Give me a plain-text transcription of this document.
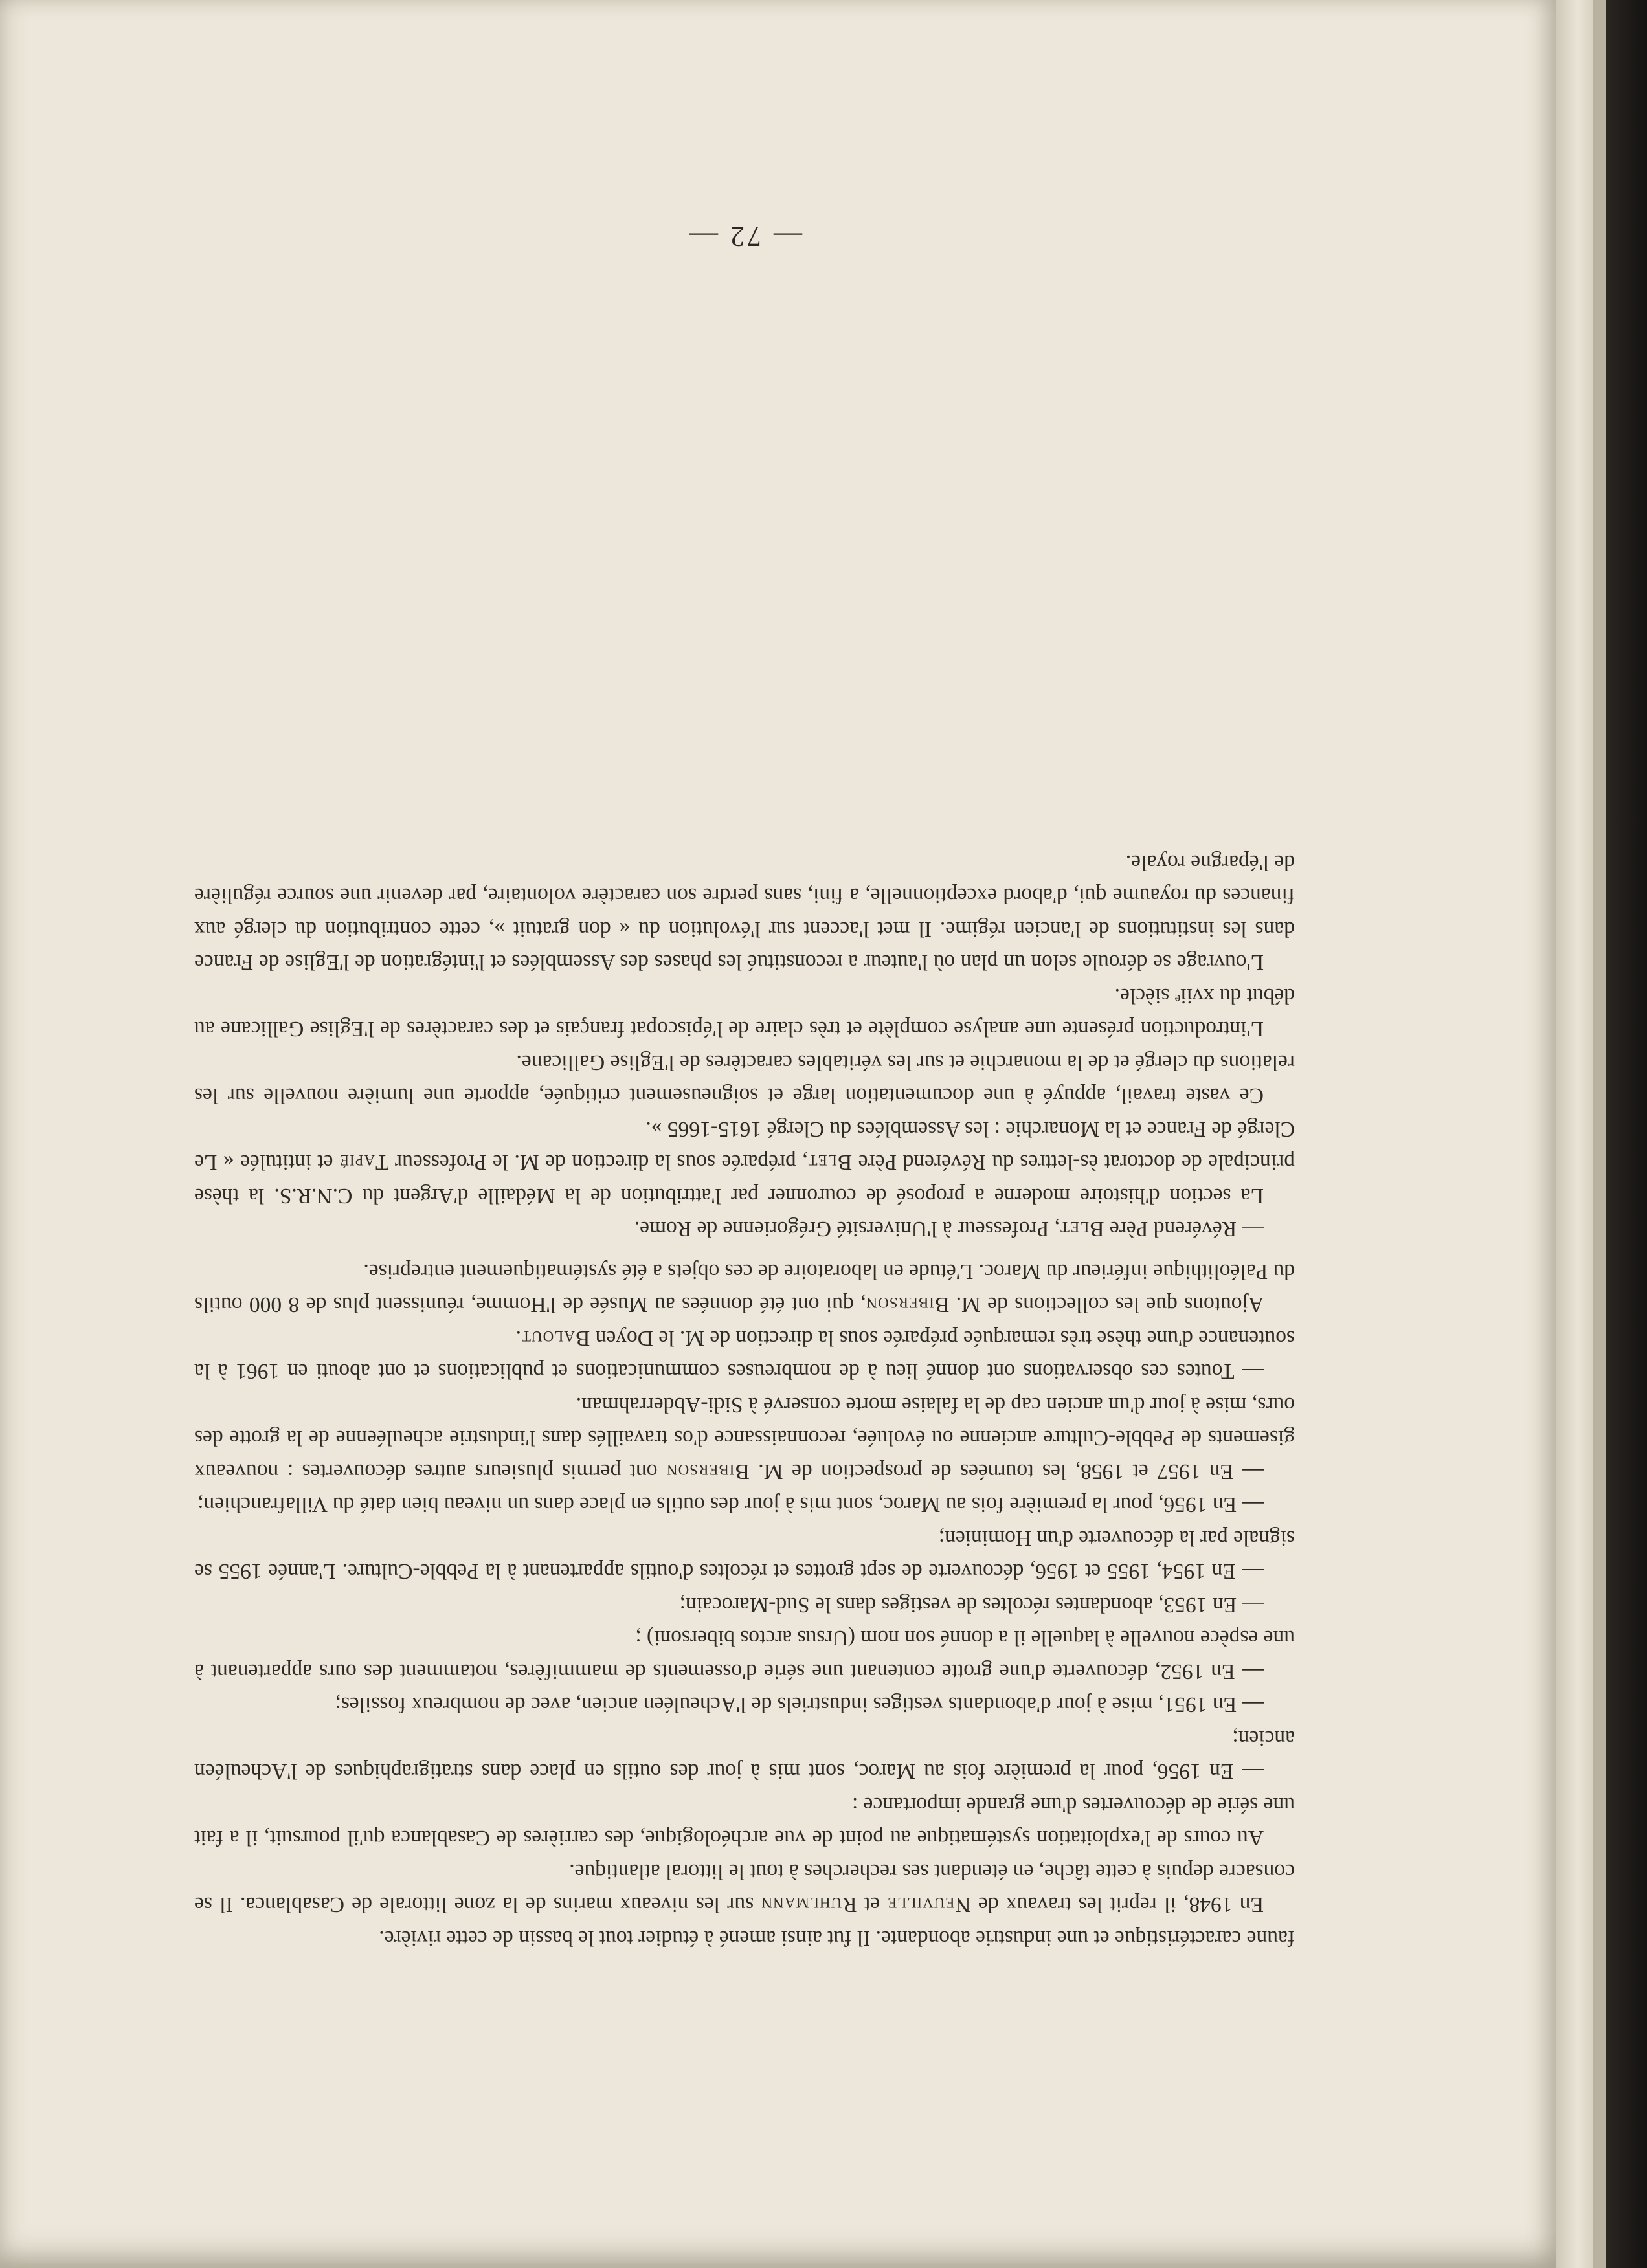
faune caractéristique et une industrie abondante. Il fut ainsi amené à étudier tout le bassin de cette rivière.

En 1948, il reprit les travaux de Neuville et Ruhlmann sur les niveaux marins de la zone littorale de Casablanca. Il se consacre depuis à cette tâche, en étendant ses recherches à tout le littoral atlantique.

Au cours de l'exploitation systématique au point de vue archéologique, des carrières de Casablanca qu'il poursuit, il a fait une série de découvertes d'une grande importance :

— En 1956, pour la première fois au Maroc, sont mis à jour des outils en place dans stratigraphiques de l'Acheuléen ancien;

— En 1951, mise à jour d'abondants vestiges industriels de l'Acheuléen ancien, avec de nombreux fossiles;

— En 1952, découverte d'une grotte contenant une série d'ossements de mammifères, notamment des ours appartenant à une espèce nouvelle à laquelle il a donné son nom (Ursus arctos bibersoni) ;

— En 1953, abondantes récoltes de vestiges dans le Sud-Marocain;

— En 1954, 1955 et 1956, découverte de sept grottes et récoltes d'outils appartenant à la Pebble-Culture. L'année 1955 se signale par la découverte d'un Hominien;

— En 1956, pour la première fois au Maroc, sont mis à jour des outils en place dans un niveau bien daté du Villafranchien;

— En 1957 et 1958, les tournées de prospection de M. Biberson ont permis plusieurs autres découvertes : nouveaux gisements de Pebble-Culture ancienne ou évoluée, reconnaissance d'os travaillés dans l'industrie acheuléenne de la grotte des ours, mise à jour d'un ancien cap de la falaise morte conservé à Sidi-Abderrahman.

— Toutes ces observations ont donné lieu à de nombreuses communications et publications et ont abouti en 1961 à la soutenance d'une thèse très remarquée préparée sous la direction de M. le Doyen Balout.

Ajoutons que les collections de M. Biberson, qui ont été données au Musée de l'Homme, réunissent plus de 8 000 outils du Paléolithique inférieur du Maroc. L'étude en laboratoire de ces objets a été systématiquement entreprise.

— Révérend Père Blet, Professeur à l'Université Grégorienne de Rome.

La section d'histoire moderne a proposé de couronner par l'attribution de la Médaille d'Argent du C.N.R.S. la thèse principale de doctorat ès-lettres du Révérend Père Blet, préparée sous la direction de M. le Professeur Tapié et intitulée « Le Clergé de France et la Monarchie : les Assemblées du Clergé 1615-1665 ».

Ce vaste travail, appuyé à une documentation large et soigneusement critiquée, apporte une lumière nouvelle sur les relations du clergé et de la monarchie et sur les véritables caractères de l'Eglise Gallicane.

L'introduction présente une analyse complète et très claire de l'épiscopat français et des caractères de l'Eglise Gallicane au début du xviiᵉ siècle.

L'ouvrage se déroule selon un plan où l'auteur a reconstitué les phases des Assemblées et l'intégration de l'Eglise de France dans les institutions de l'ancien régime. Il met l'accent sur l'évolution du « don gratuit », cette contribution du clergé aux finances du royaume qui, d'abord exceptionnelle, a fini, sans perdre son caractère volontaire, par devenir une source régulière de l'épargne royale.

— 72 —
